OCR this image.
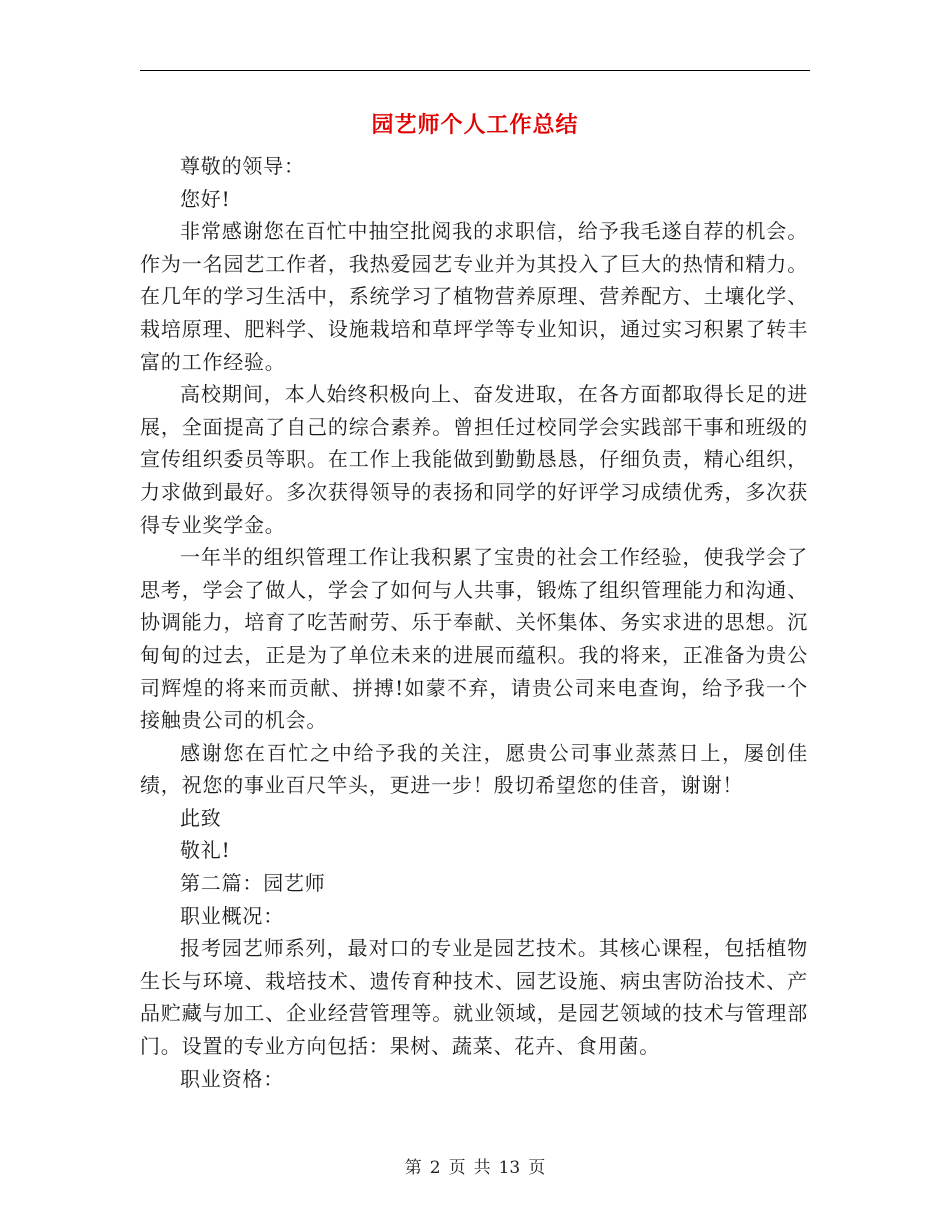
园艺师个人工作总结

尊敬的领导：

您好!

非常感谢您在百忙中抽空批阅我的求职信，给予我毛遂自荐的机会。作为一名园艺工作者，我热爱园艺专业并为其投入了巨大的热情和精力。在几年的学习生活中，系统学习了植物营养原理、营养配方、土壤化学、栽培原理、肥料学、设施栽培和草坪学等专业知识，通过实习积累了转丰富的工作经验。

高校期间，本人始终积极向上、奋发进取，在各方面都取得长足的进展，全面提高了自己的综合素养。曾担任过校同学会实践部干事和班级的宣传组织委员等职。在工作上我能做到勤勤恳恳，仔细负责，精心组织，力求做到最好。多次获得领导的表扬和同学的好评学习成绩优秀，多次获得专业奖学金。

一年半的组织管理工作让我积累了宝贵的社会工作经验，使我学会了思考，学会了做人，学会了如何与人共事，锻炼了组织管理能力和沟通、协调能力，培育了吃苦耐劳、乐于奉献、关怀集体、务实求进的思想。沉甸甸的过去，正是为了单位未来的进展而蕴积。我的将来，正准备为贵公司辉煌的将来而贡献、拼搏!如蒙不弃，请贵公司来电查询，给予我一个接触贵公司的机会。

感谢您在百忙之中给予我的关注，愿贵公司事业蒸蒸日上，屡创佳绩，祝您的事业百尺竿头，更进一步！殷切希望您的佳音，谢谢！

此致

敬礼!

第二篇：园艺师

职业概况：

报考园艺师系列，最对口的专业是园艺技术。其核心课程，包括植物生长与环境、栽培技术、遗传育种技术、园艺设施、病虫害防治技术、产品贮藏与加工、企业经营管理等。就业领域，是园艺领域的技术与管理部门。设置的专业方向包括：果树、蔬菜、花卉、食用菌。

职业资格：

第 2 页 共 13 页
